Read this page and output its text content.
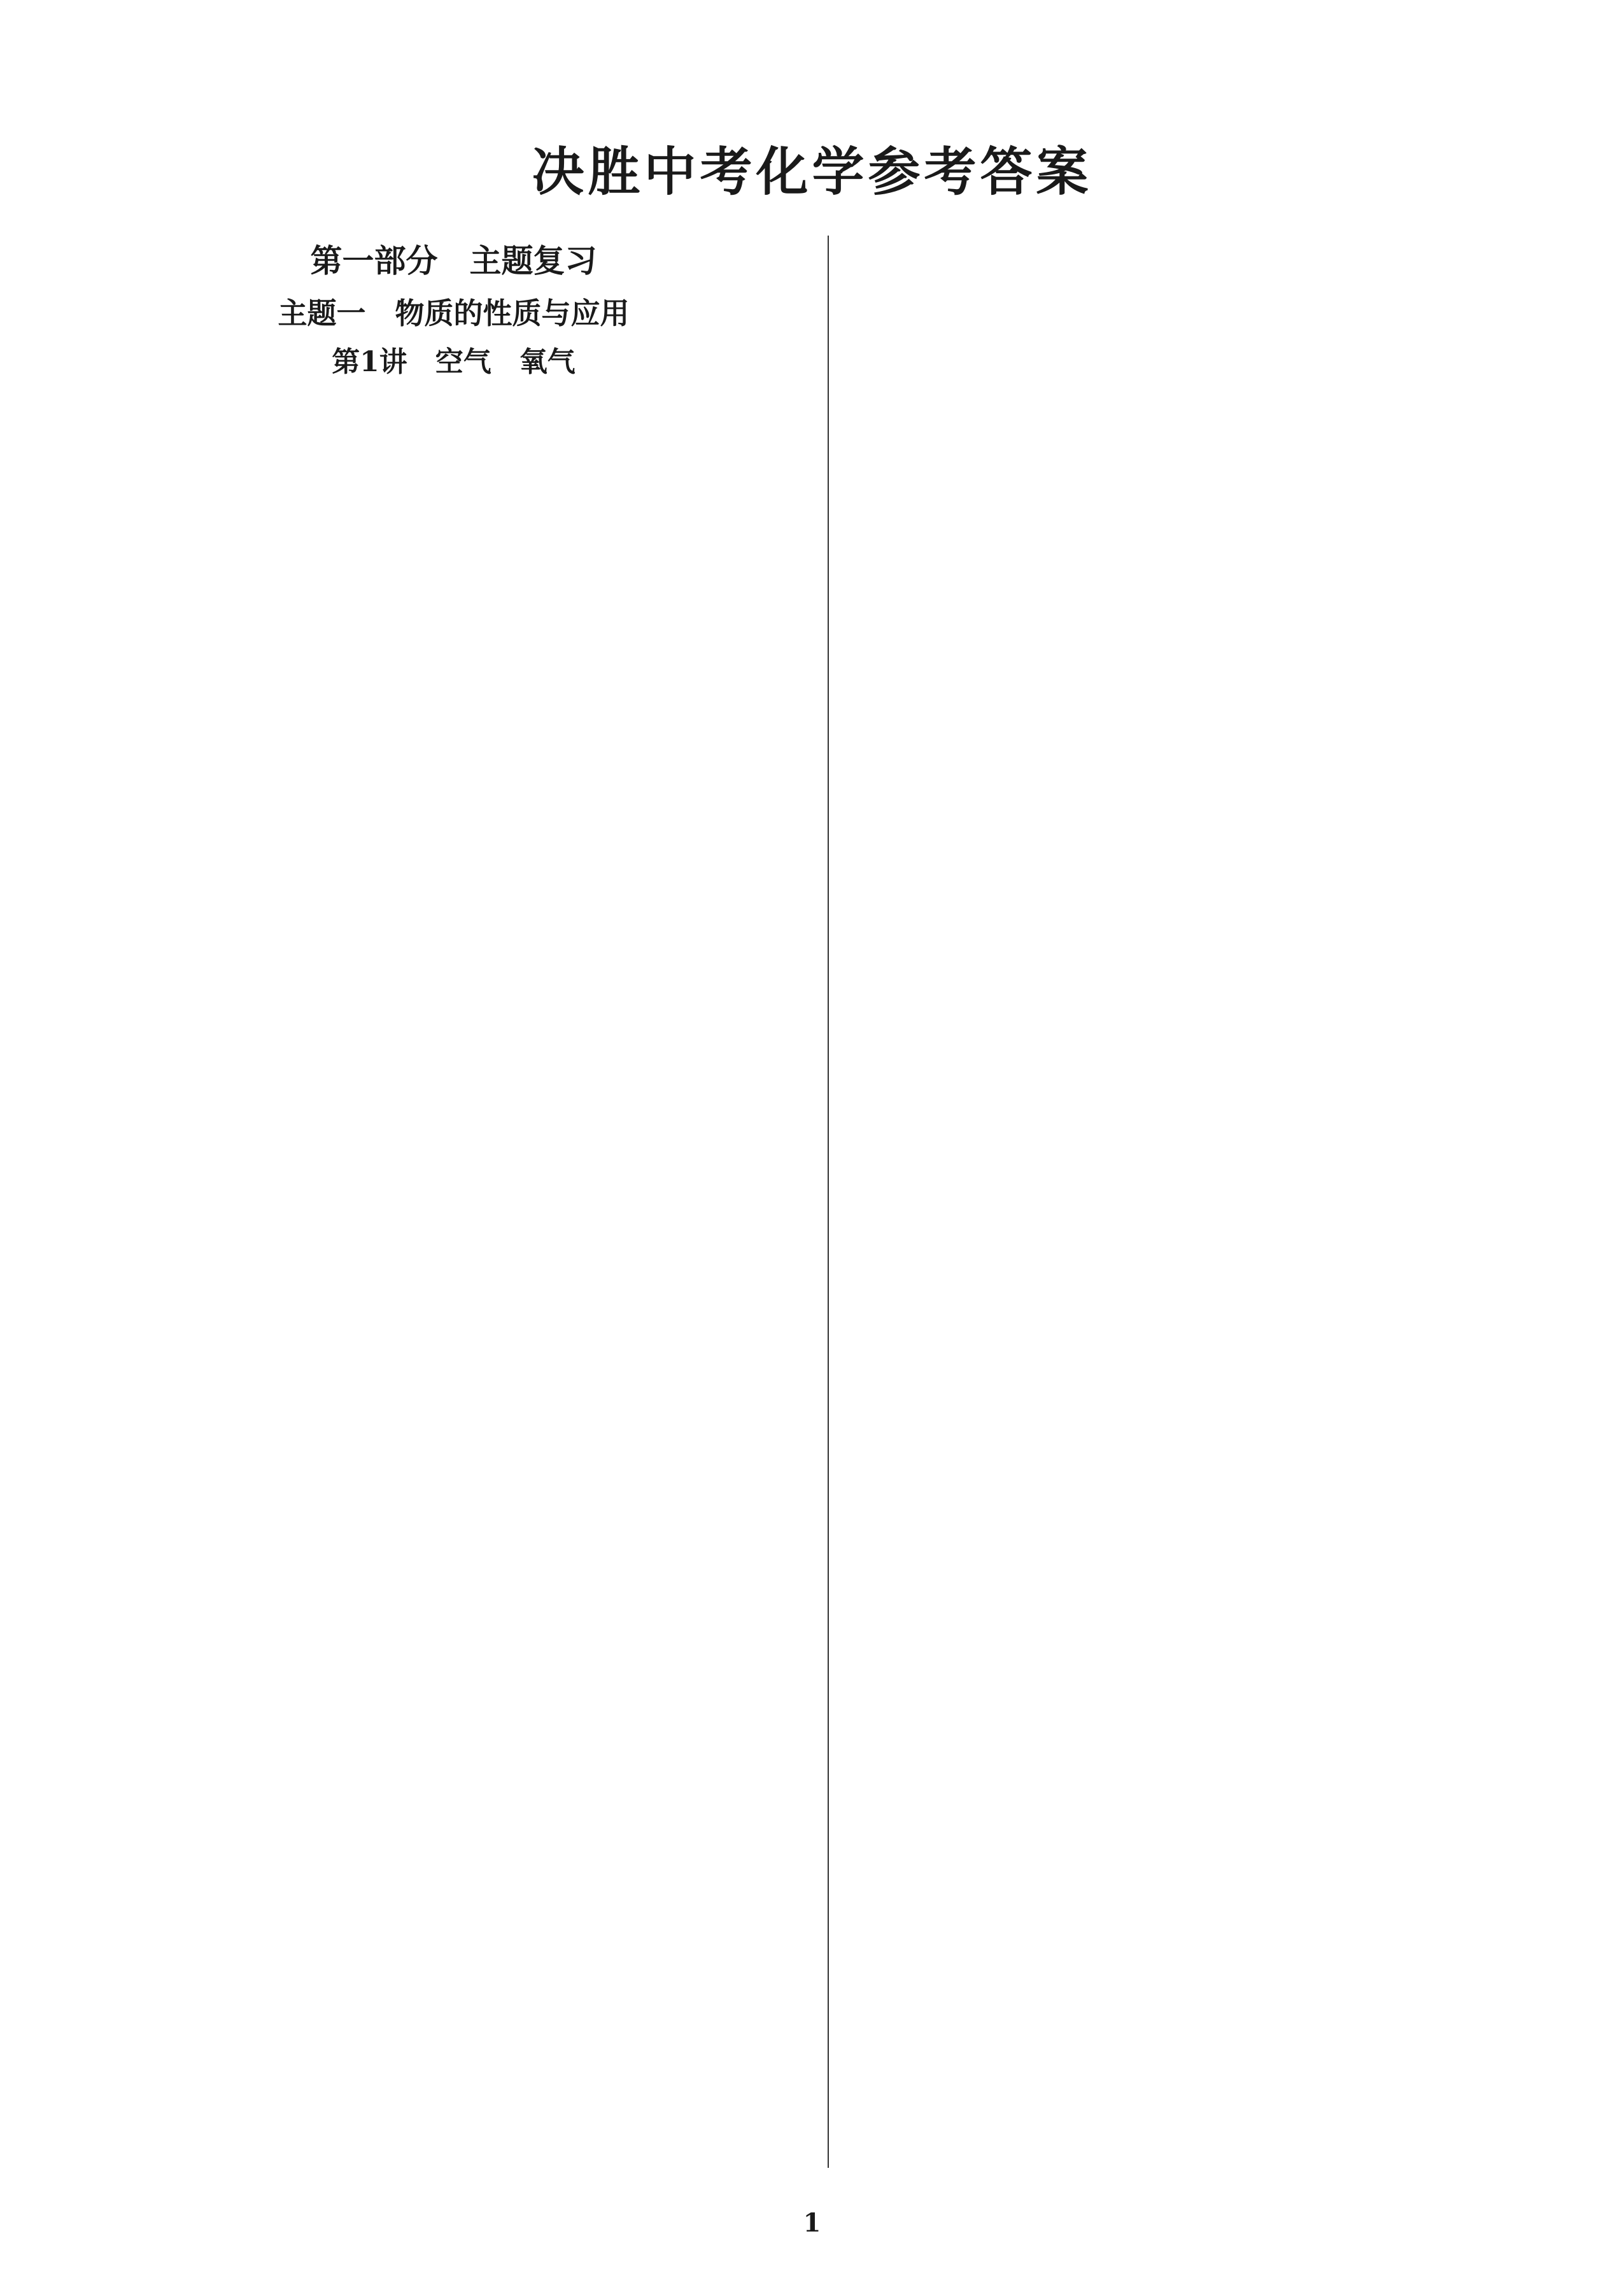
决胜中考化学参考答案
第一部分　主题复习
主题一　物质的性质与应用
第1讲　空气　氧气
1
